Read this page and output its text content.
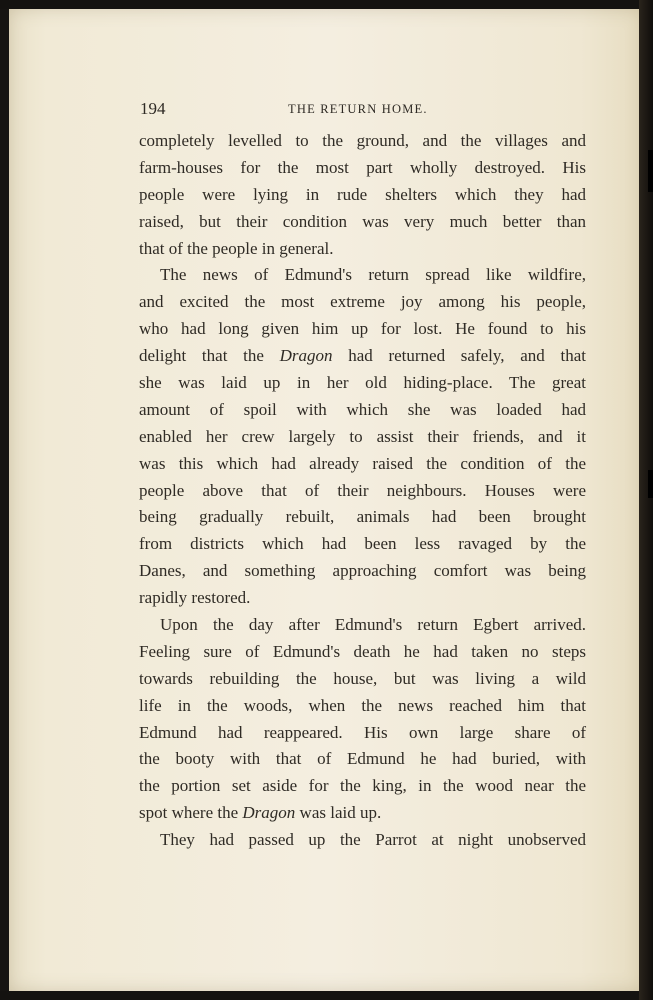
194	THE RETURN HOME.
completely levelled to the ground, and the villages and
farm-houses for the most part wholly destroyed. His
people were lying in rude shelters which they had
raised, but their condition was very much better than
that of the people in general.
The news of Edmund's return spread like wildfire,
and excited the most extreme joy among his people,
who had long given him up for lost. He found to his
delight that the Dragon had returned safely, and that
she was laid up in her old hiding-place. The great
amount of spoil with which she was loaded had
enabled her crew largely to assist their friends, and it
was this which had already raised the condition of the
people above that of their neighbours. Houses were
being gradually rebuilt, animals had been brought
from districts which had been less ravaged by the
Danes, and something approaching comfort was being
rapidly restored.
Upon the day after Edmund's return Egbert arrived.
Feeling sure of Edmund's death he had taken no steps
towards rebuilding the house, but was living a wild
life in the woods, when the news reached him that
Edmund had reappeared. His own large share of
the booty with that of Edmund he had buried, with
the portion set aside for the king, in the wood near the
spot where the Dragon was laid up.
They had passed up the Parrot at night unobserved
